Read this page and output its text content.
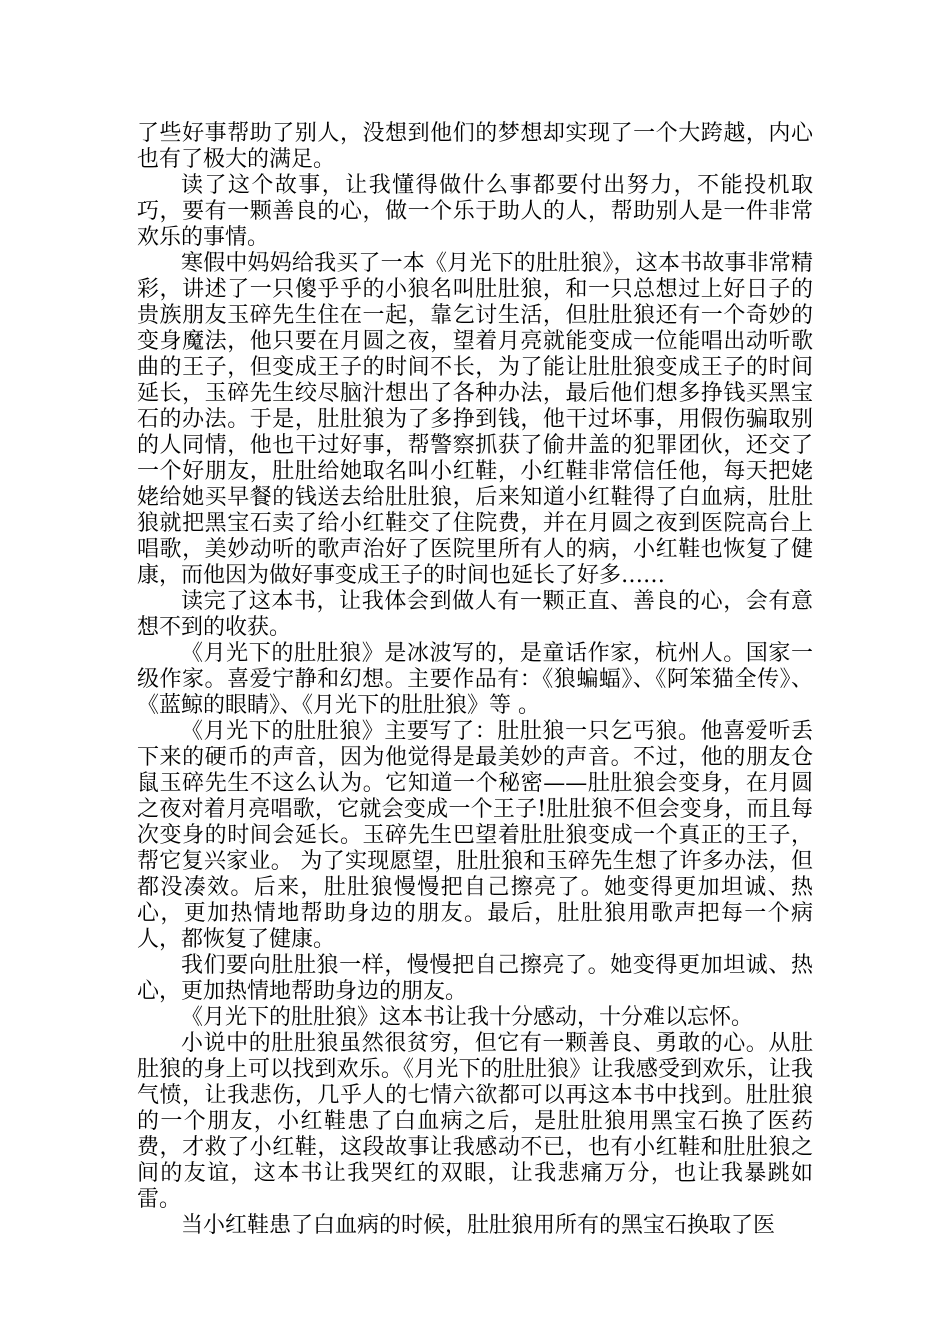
了些好事帮助了别人，没想到他们的梦想却实现了一个大跨越，内心也有了极大的满足。

读了这个故事，让我懂得做什么事都要付出努力，不能投机取巧，要有一颗善良的心，做一个乐于助人的人，帮助别人是一件非常欢乐的事情。

寒假中妈妈给我买了一本《月光下的肚肚狼》，这本书故事非常精彩，讲述了一只傻乎乎的小狼名叫肚肚狼，和一只总想过上好日子的贵族朋友玉碎先生住在一起，靠乞讨生活，但肚肚狼还有一个奇妙的变身魔法，他只要在月圆之夜，望着月亮就能变成一位能唱出动听歌曲的王子，但变成王子的时间不长，为了能让肚肚狼变成王子的时间延长，玉碎先生绞尽脑汁想出了各种办法，最后他们想多挣钱买黑宝石的办法。于是，肚肚狼为了多挣到钱，他干过坏事，用假伤骗取别的人同情，他也干过好事，帮警察抓获了偷井盖的犯罪团伙，还交了一个好朋友，肚肚给她取名叫小红鞋，小红鞋非常信任他，每天把姥姥给她买早餐的钱送去给肚肚狼，后来知道小红鞋得了白血病，肚肚狼就把黑宝石卖了给小红鞋交了住院费，并在月圆之夜到医院高台上唱歌，美妙动听的歌声治好了医院里所有人的病，小红鞋也恢复了健康，而他因为做好事变成王子的时间也延长了好多……

读完了这本书，让我体会到做人有一颗正直、善良的心，会有意想不到的收获。

《月光下的肚肚狼》是冰波写的，是童话作家，杭州人。国家一级作家。喜爱宁静和幻想。主要作品有：《狼蝙蝠》、《阿笨猫全传》、《蓝鲸的眼睛》、《月光下的肚肚狼》等 。

《月光下的肚肚狼》主要写了：肚肚狼一只乞丐狼。他喜爱听丢下来的硬币的声音，因为他觉得是最美妙的声音。不过，他的朋友仓鼠玉碎先生不这么认为。它知道一个秘密——肚肚狼会变身，在月圆之夜对着月亮唱歌，它就会变成一个王子!肚肚狼不但会变身，而且每次变身的时间会延长。玉碎先生巴望着肚肚狼变成一个真正的王子，帮它复兴家业。 为了实现愿望，肚肚狼和玉碎先生想了许多办法，但都没凑效。后来，肚肚狼慢慢把自己擦亮了。她变得更加坦诚、热心，更加热情地帮助身边的朋友。最后，肚肚狼用歌声把每一个病人，都恢复了健康。

我们要向肚肚狼一样，慢慢把自己擦亮了。她变得更加坦诚、热心，更加热情地帮助身边的朋友。

《月光下的肚肚狼》这本书让我十分感动，十分难以忘怀。

小说中的肚肚狼虽然很贫穷，但它有一颗善良、勇敢的心。从肚肚狼的身上可以找到欢乐。《月光下的肚肚狼》让我感受到欢乐，让我气愤，让我悲伤，几乎人的七情六欲都可以再这本书中找到。肚肚狼的一个朋友，小红鞋患了白血病之后，是肚肚狼用黑宝石换了医药费，才救了小红鞋，这段故事让我感动不已，也有小红鞋和肚肚狼之间的友谊，这本书让我哭红的双眼，让我悲痛万分，也让我暴跳如雷。

当小红鞋患了白血病的时候，肚肚狼用所有的黑宝石换取了医
